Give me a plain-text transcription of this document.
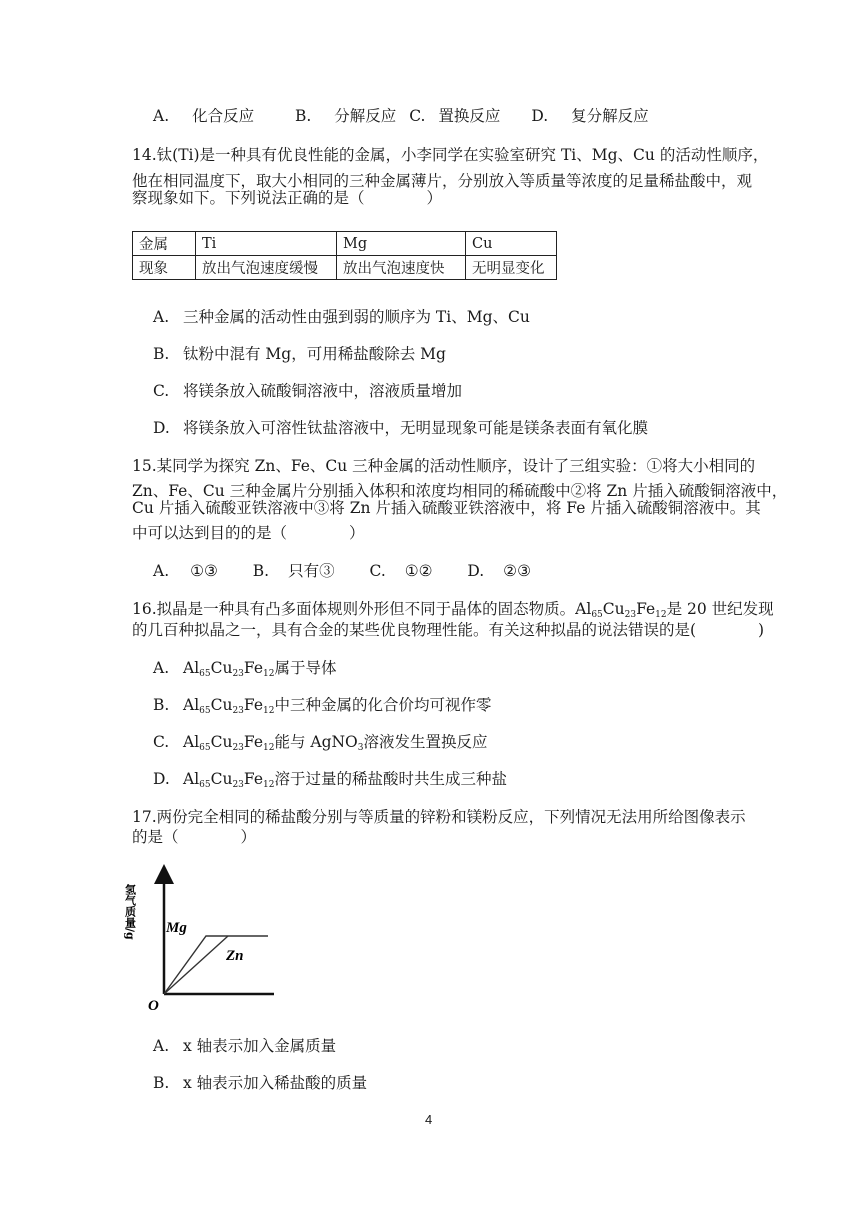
A. 化合反应	B. 分解反应 C. 置换反应 D. 复分解反应
14.钛(Ti)是一种具有优良性能的金属，小李同学在实验室研究 Ti、Mg、Cu 的活动性顺序，
他在相同温度下，取大小相同的三种金属薄片，分别放入等质量等浓度的足量稀盐酸中，观
察现象如下。下列说法正确的是（　　　　）
金属	Ti	Mg	Cu
现象	放出气泡速度缓慢	放出气泡速度快	无明显变化
A. 三种金属的活动性由强到弱的顺序为 Ti、Mg、Cu
B. 钛粉中混有 Mg，可用稀盐酸除去 Mg
C. 将镁条放入硫酸铜溶液中，溶液质量增加
D. 将镁条放入可溶性钛盐溶液中，无明显现象可能是镁条表面有氧化膜
15.某同学为探究 Zn、Fe、Cu 三种金属的活动性顺序，设计了三组实验：①将大小相同的
Zn、Fe、Cu 三种金属片分别插入体积和浓度均相同的稀硫酸中②将 Zn 片插入硫酸铜溶液中，
Cu 片插入硫酸亚铁溶液中③将 Zn 片插入硫酸亚铁溶液中，将 Fe 片插入硫酸铜溶液中。其
中可以达到目的的是（　　　　）
A. ①③ B. 只有③ C. ①② D. ②③
16.拟晶是一种具有凸多面体规则外形但不同于晶体的固态物质。$Al_{65}Cu_{23}Fe_{12}$是 20 世纪发现
的几百种拟晶之一，具有合金的某些优良物理性能。有关这种拟晶的说法错误的是(　　　　)
A. $Al_{65}Cu_{23}Fe_{12}$属于导体
B. $Al_{65}Cu_{23}Fe_{12}$中三种金属的化合价均可视作零
C. $Al_{65}Cu_{23}Fe_{12}$能与 AgNO$_3$溶液发生置换反应
D. $Al_{65}Cu_{23}Fe_{12}$溶于过量的稀盐酸时共生成三种盐
17.两份完全相同的稀盐酸分别与等质量的锌粉和镁粉反应，下列情况无法用所给图像表示
的是（　　　　）
氢气质量/g Mg
Zn
O
A. x 轴表示加入金属质量
B. x 轴表示加入稀盐酸的质量
4
